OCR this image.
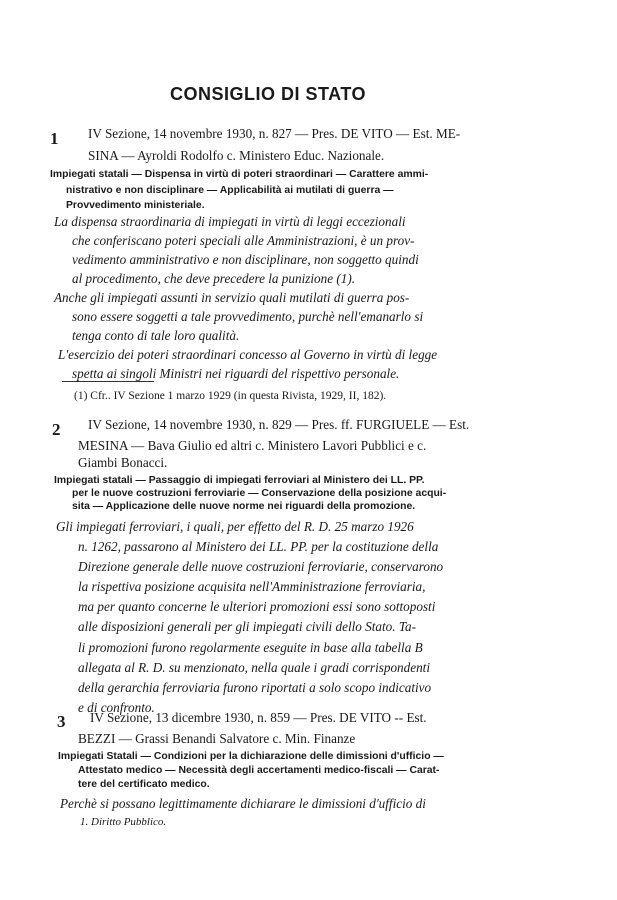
CONSIGLIO DI STATO
1 IV Sezione, 14 novembre 1930, n. 827 — Pres. DE VITO — Est. ME-
SINA — Ayroldi Rodolfo c. Ministero Educ. Nazionale.
Impiegati statali — Dispensa in virtù di poteri straordinari — Carattere ammi-
nistrativo e non disciplinare — Applicabilità ai mutilati di guerra —
Provvedimento ministeriale.
La dispensa straordinaria di impiegati in virtù di leggi eccezionali
che conferiscano poteri speciali alle Amministrazioni, è un prov-
vedimento amministrativo e non disciplinare, non soggetto quindi
al procedimento, che deve precedere la punizione (1).
Anche gli impiegati assunti in servizio quali mutilati di guerra pos-
sono essere soggetti a tale provvedimento, purchè nell'emanarlo si
tenga conto di tale loro qualità.
L'esercizio dei poteri straordinari concesso al Governo in virtù di legge
spetta ai singoli Ministri nei riguardi del rispettivo personale.
(1) Cfr.. IV Sezione 1 marzo 1929 (in questa Rivista, 1929, II, 182).
2 IV Sezione, 14 novembre 1930, n. 829 — Pres. ff. FURGIUELE — Est.
MESINA — Bava Giulio ed altri c. Ministero Lavori Pubblici e c.
Giambi Bonacci.
Impiegati statali — Passaggio di impiegati ferroviari al Ministero dei LL. PP.
per le nuove costruzioni ferroviarie — Conservazione della posizione acqui-
sita — Applicazione delle nuove norme nei riguardi della promozione.
Gli impiegati ferroviari, i quali, per effetto del R. D. 25 marzo 1926
n. 1262, passarono al Ministero dei LL. PP. per la costituzione della
Direzione generale delle nuove costruzioni ferroviarie, conservarono
la rispettiva posizione acquisita nell'Amministrazione ferroviaria,
ma per quanto concerne le ulteriori promozioni essi sono sottoposti
alle disposizioni generali per gli impiegati civili dello Stato. Ta-
li promozioni furono regolarmente eseguite in base alla tabella B
allegata al R. D. su menzionato, nella quale i gradi corrispondenti
della gerarchia ferroviaria furono riportati a solo scopo indicativo
e di confronto.
3 IV Sezione, 13 dicembre 1930, n. 859 — Pres. DE VITO -- Est.
BEZZI — Grassi Benandi Salvatore c. Min. Finanze
Impiegati Statali — Condizioni per la dichiarazione delle dimissioni d'ufficio —
Attestato medico — Necessità degli accertamenti medico-fiscali — Carat-
tere del certificato medico.
Perchè si possano legittimamente dichiarare le dimissioni d'ufficio di
1. Diritto Pubblico.
